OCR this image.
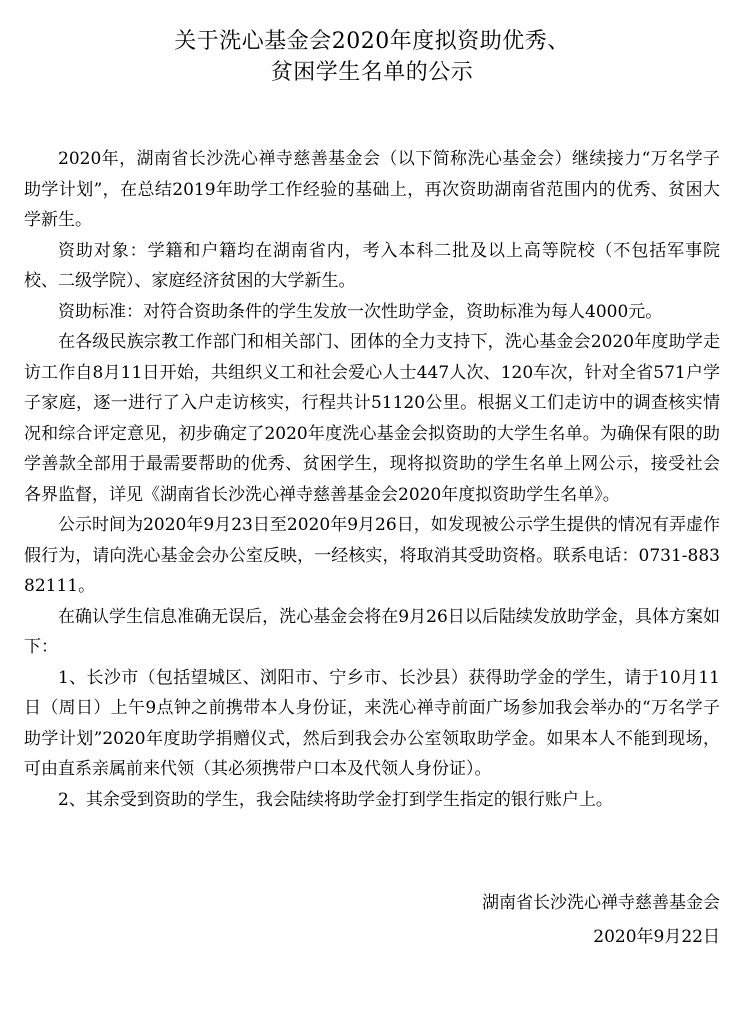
关于洗心基金会2020年度拟资助优秀、
贫困学生名单的公示

2020年，湖南省长沙洗心禅寺慈善基金会（以下简称洗心基金会）继续接力“万名学子助学计划”，在总结2019年助学工作经验的基础上，再次资助湖南省范围内的优秀、贫困大学新生。

资助对象：学籍和户籍均在湖南省内，考入本科二批及以上高等院校（不包括军事院校、二级学院）、家庭经济贫困的大学新生。

资助标准：对符合资助条件的学生发放一次性助学金，资助标准为每人4000元。

在各级民族宗教工作部门和相关部门、团体的全力支持下，洗心基金会2020年度助学走访工作自8月11日开始，共组织义工和社会爱心人士447人次、120车次，针对全省571户学子家庭，逐一进行了入户走访核实，行程共计51120公里。根据义工们走访中的调查核实情况和综合评定意见，初步确定了2020年度洗心基金会拟资助的大学生名单。为确保有限的助学善款全部用于最需要帮助的优秀、贫困学生，现将拟资助的学生名单上网公示，接受社会各界监督，详见《湖南省长沙洗心禅寺慈善基金会2020年度拟资助学生名单》。

公示时间为2020年9月23日至2020年9月26日，如发现被公示学生提供的情况有弄虚作假行为，请向洗心基金会办公室反映，一经核实，将取消其受助资格。联系电话：0731-88382111。

在确认学生信息准确无误后，洗心基金会将在9月26日以后陆续发放助学金，具体方案如下：

1、长沙市（包括望城区、浏阳市、宁乡市、长沙县）获得助学金的学生，请于10月11日（周日）上午9点钟之前携带本人身份证，来洗心禅寺前面广场参加我会举办的“万名学子助学计划”2020年度助学捐赠仪式，然后到我会办公室领取助学金。如果本人不能到现场，可由直系亲属前来代领（其必须携带户口本及代领人身份证）。

2、其余受到资助的学生，我会陆续将助学金打到学生指定的银行账户上。

湖南省长沙洗心禅寺慈善基金会
2020年9月22日
